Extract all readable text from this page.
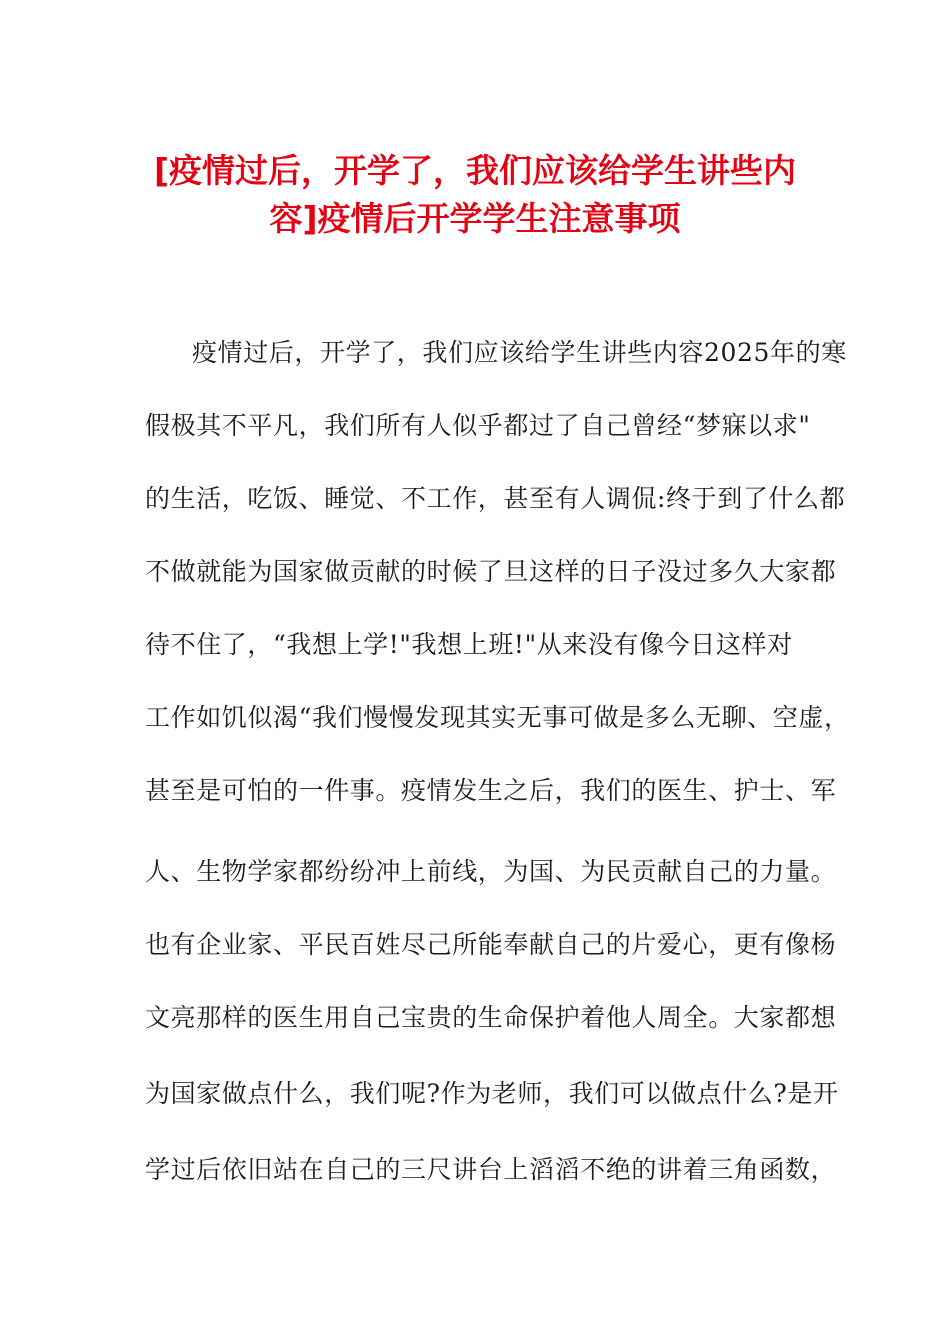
[疫情过后，开学了，我们应该给学生讲些内
容]疫情后开学学生注意事项
疫情过后，开学了，我们应该给学生讲些内容2025年的寒
假极其不平凡，我们所有人似乎都过了自己曾经“梦寐以求"
的生活，吃饭、睡觉、不工作，甚至有人调侃:终于到了什么都
不做就能为国家做贡献的时候了旦这样的日子没过多久大家都
待不住了，“我想上学!"我想上班!"从来没有像今日这样对
工作如饥似渴“我们慢慢发现其实无事可做是多么无聊、空虚，
甚至是可怕的一件事。疫情发生之后，我们的医生、护士、军
人、生物学家都纷纷冲上前线，为国、为民贡献自己的力量。
也有企业家、平民百姓尽己所能奉献自己的片爱心，更有像杨
文亮那样的医生用自己宝贵的生命保护着他人周全。大家都想
为国家做点什么，我们呢?作为老师，我们可以做点什么?是开
学过后依旧站在自己的三尺讲台上滔滔不绝的讲着三角函数，
